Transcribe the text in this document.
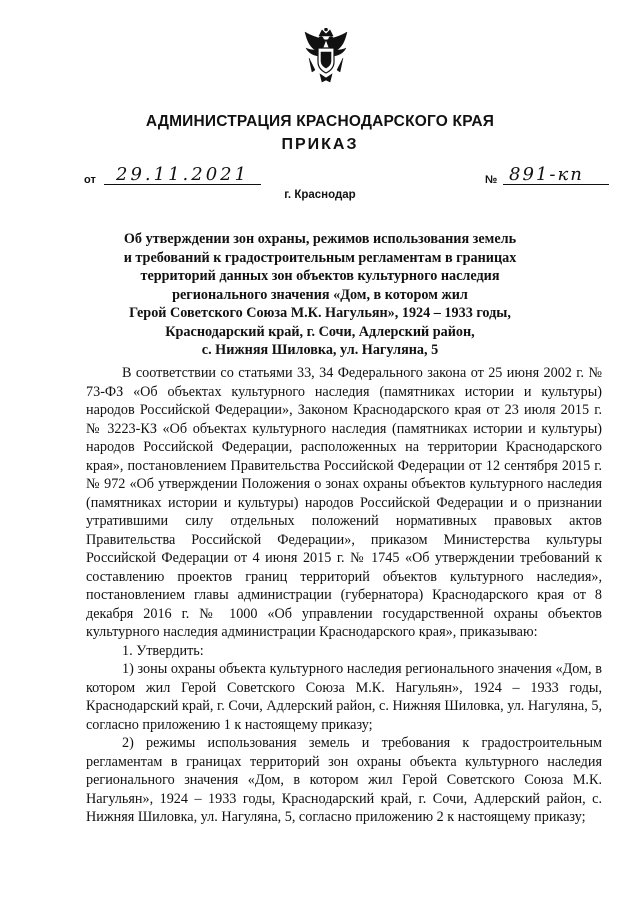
АДМИНИСТРАЦИЯ КРАСНОДАРСКОГО КРАЯ
ПРИКАЗ
от	29.11.2021	№ 891-кп
г. Краснодар
Об утверждении зон охраны, режимов использования земель
и требований к градостроительным регламентам в границах
территорий данных зон объектов культурного наследия
регионального значения «Дом, в котором жил
Герой Советского Союза М.К. Нагульян», 1924 – 1933 годы,
Краснодарский край, г. Сочи, Адлерский район,
с. Нижняя Шиловка, ул. Нагуляна, 5

В соответствии со статьями 33, 34 Федерального закона от 25 июня 2002 г. № 73-ФЗ «Об объектах культурного наследия (памятниках истории и культуры) народов Российской Федерации», Законом Краснодарского края от 23 июля 2015 г. № 3223-КЗ «Об объектах культурного наследия (памятниках истории и культуры) народов Российской Федерации, расположенных на территории Краснодарского края», постановлением Правительства Российской Федерации от 12 сентября 2015 г. № 972 «Об утверждении Положения о зонах охраны объектов культурного наследия (памятниках истории и культуры) народов Российской Федерации и о признании утратившими силу отдельных положений нормативных правовых актов Правительства Российской Федерации», приказом Министерства культуры Российской Федерации от 4 июня 2015 г. № 1745 «Об утверждении требований к составлению проектов границ территорий объектов культурного наследия», постановлением главы администрации (губернатора) Краснодарского края от 8 декабря 2016 г. № 1000 «Об управлении государственной охраны объектов культурного наследия администрации Краснодарского края», приказываю:

1. Утвердить:

1) зоны охраны объекта культурного наследия регионального значения «Дом, в котором жил Герой Советского Союза М.К. Нагульян», 1924 – 1933 годы, Краснодарский край, г. Сочи, Адлерский район, с. Нижняя Шиловка, ул. Нагуляна, 5, согласно приложению 1 к настоящему приказу;

2) режимы использования земель и требования к градостроительным регламентам в границах территорий зон охраны объекта культурного наследия регионального значения «Дом, в котором жил Герой Советского Союза М.К. Нагульян», 1924 – 1933 годы, Краснодарский край, г. Сочи, Адлерский район, с. Нижняя Шиловка, ул. Нагуляна, 5, согласно приложению 2 к настоящему приказу;
